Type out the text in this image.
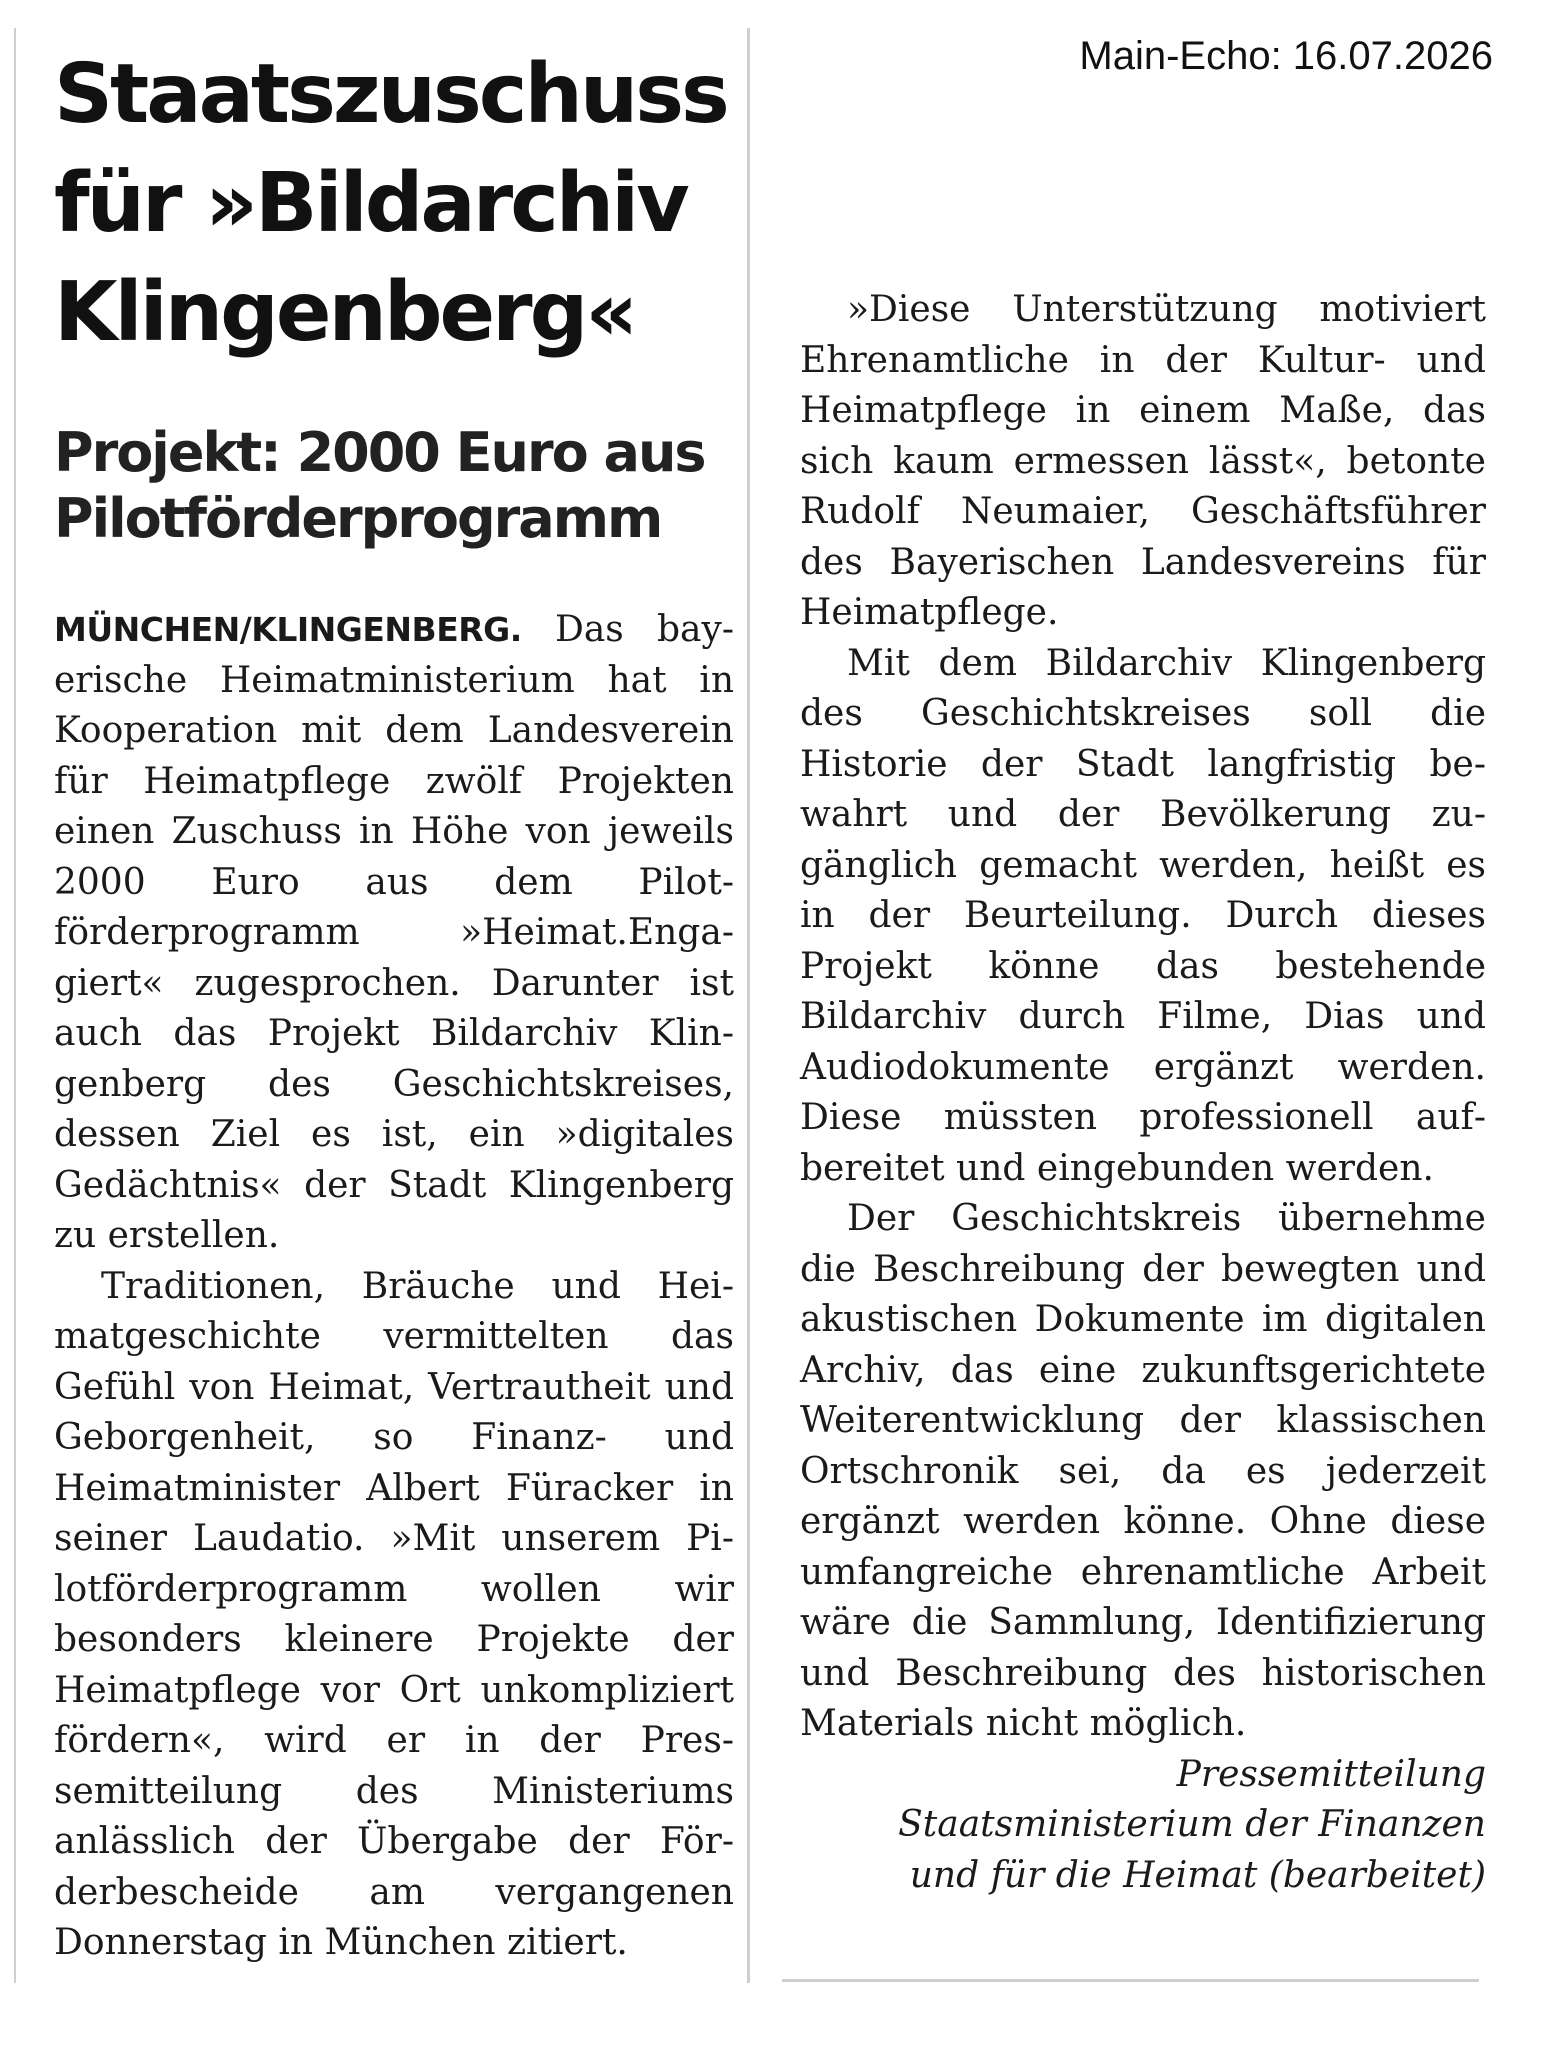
Main-Echo: 16.07.2026

Staatszuschuss für »Bildarchiv Klingenberg«
Projekt: 2000 Euro aus Pilotförderprogramm

MÜNCHEN/KLINGENBERG. Das bayerische Heimatministerium hat in Kooperation mit dem Landesverein für Heimatpflege zwölf Projekten einen Zuschuss in Höhe von jeweils 2000 Euro aus dem Pilotförderprogramm »Heimat.Engagiert« zugesprochen. Darunter ist auch das Projekt Bildarchiv Klingenberg des Geschichtskreises, dessen Ziel es ist, ein »digitales Gedächtnis« der Stadt Klingenberg zu erstellen.

Traditionen, Bräuche und Heimatgeschichte vermittelten das Gefühl von Heimat, Vertrautheit und Geborgenheit, so Finanz- und Heimatminister Albert Füracker in seiner Laudatio. »Mit unserem Pilotförderprogramm wollen wir besonders kleinere Projekte der Heimatpflege vor Ort unkompliziert fördern«, wird er in der Pressemitteilung des Ministeriums anlässlich der Übergabe der Förderbescheide am vergangenen Donnerstag in München zitiert.

»Diese Unterstützung motiviert Ehrenamtliche in der Kultur- und Heimatpflege in einem Maße, das sich kaum ermessen lässt«, betonte Rudolf Neumaier, Geschäftsführer des Bayerischen Landesvereins für Heimatpflege.

Mit dem Bildarchiv Klingenberg des Geschichtskreises soll die Historie der Stadt langfristig bewahrt und der Bevölkerung zugänglich gemacht werden, heißt es in der Beurteilung. Durch dieses Projekt könne das bestehende Bildarchiv durch Filme, Dias und Audiodokumente ergänzt werden. Diese müssten professionell aufbereitet und eingebunden werden.

Der Geschichtskreis übernehme die Beschreibung der bewegten und akustischen Dokumente im digitalen Archiv, das eine zukunftsgerichtete Weiterentwicklung der klassischen Ortschronik sei, da es jederzeit ergänzt werden könne. Ohne diese umfangreiche ehrenamtliche Arbeit wäre die Sammlung, Identifizierung und Beschreibung des historischen Materials nicht möglich.

Pressemitteilung
Staatsministerium der Finanzen
und für die Heimat (bearbeitet)
